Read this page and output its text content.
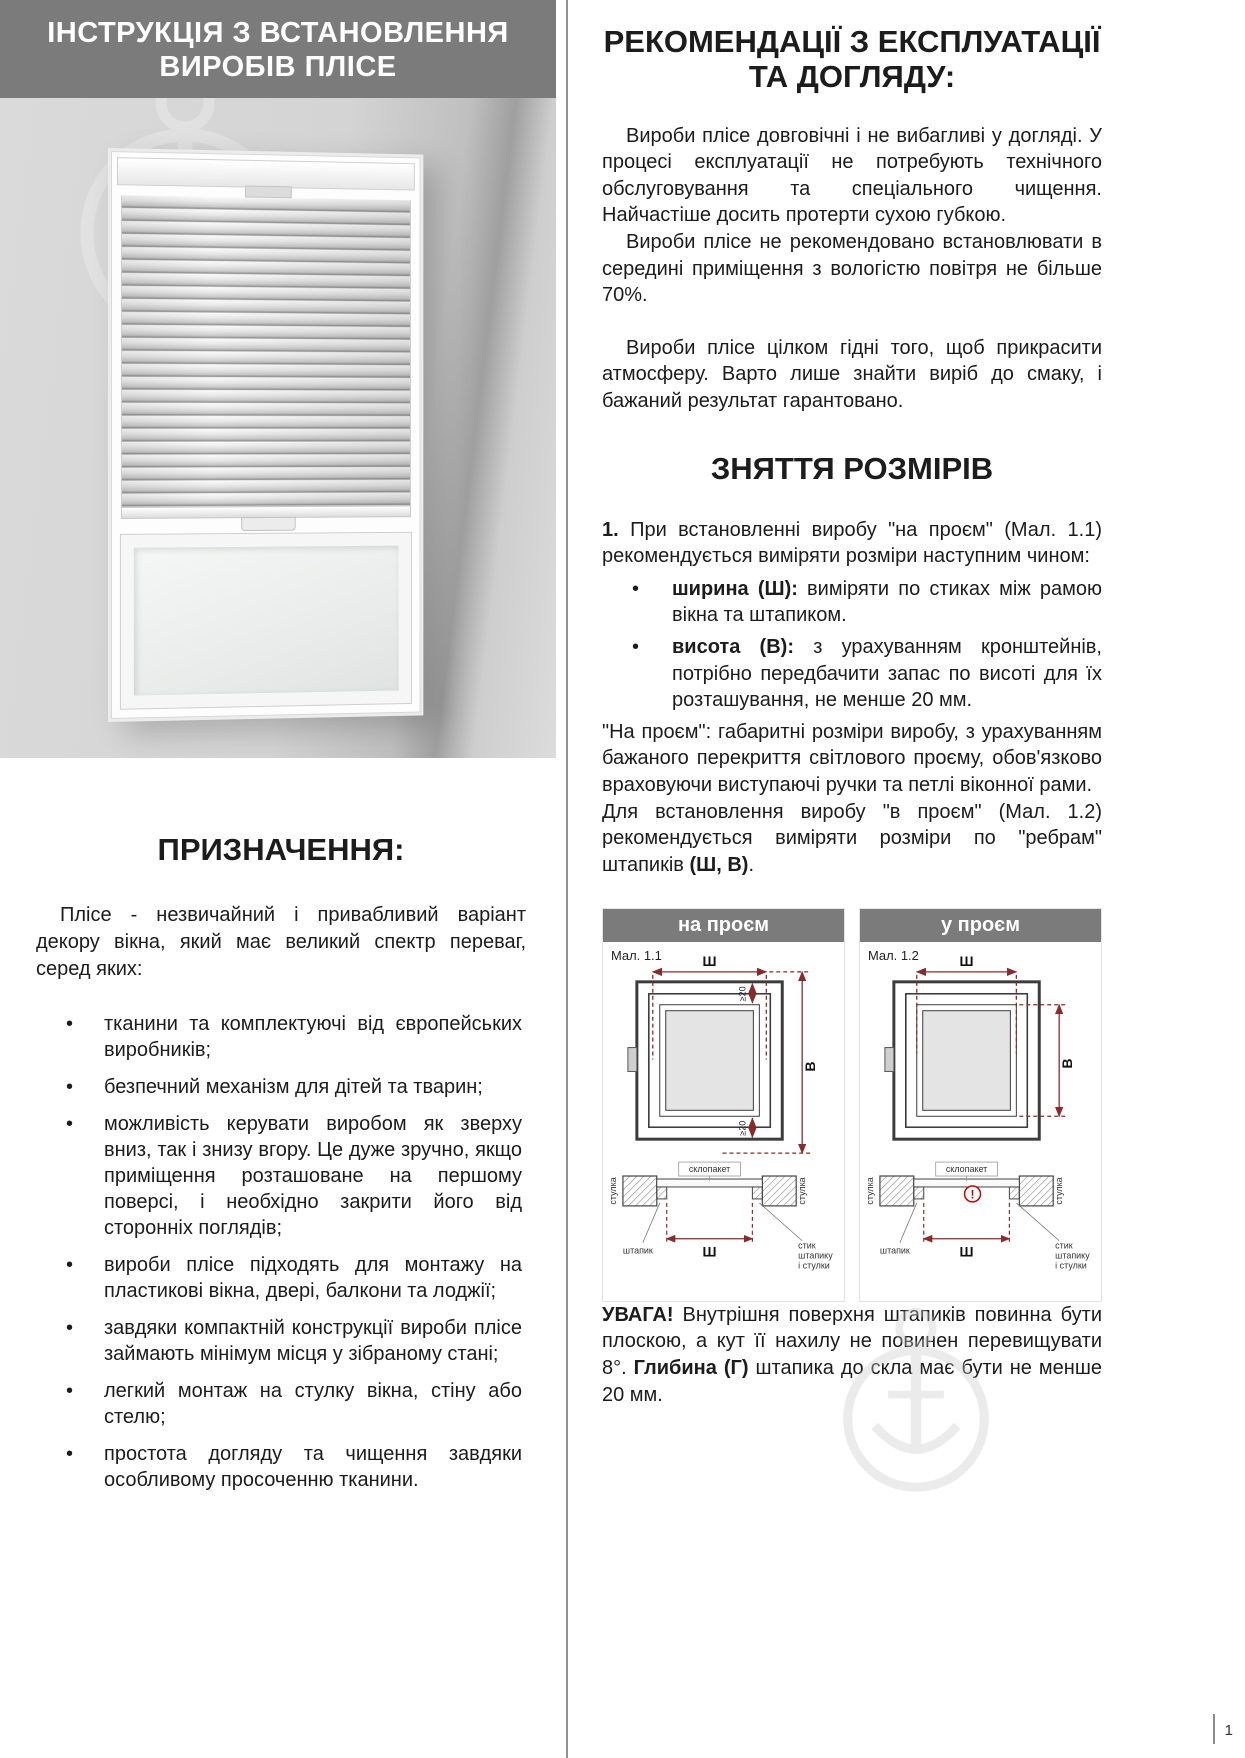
ІНСТРУКЦІЯ З ВСТАНОВЛЕННЯ
ВИРОБІВ ПЛІСЕ
ПРИЗНАЧЕННЯ:

Плісе - незвичайний і привабливий варіант декору вікна, який має великий спектр переваг, серед яких:

• тканини та комплектуючі від європейських виробників;
• безпечний механізм для дітей та тварин;
• можливість керувати виробом як зверху вниз, так і знизу вгору. Це дуже зручно, якщо приміщення розташоване на першому поверсі, і необхідно закрити його від сторонніх поглядів;
• вироби плісе підходять для монтажу на пластикові вікна, двері, балкони та лоджії;
• завдяки компактній конструкції вироби плісе займають мінімум місця у зібраному стані;
• легкий монтаж на стулку вікна, стіну або стелю;
• простота догляду та чищення завдяки особливому просоченню тканини.
РЕКОМЕНДАЦІЇ З ЕКСПЛУАТАЦІЇ
ТА ДОГЛЯДУ:

Вироби плісе довговічні і не вибагливі у догляді. У процесі експлуатації не потребують технічного обслуговування та спеціального чищення. Найчастіше досить протерти сухою губкою.

Вироби плісе не рекомендовано встановлювати в середині приміщення з вологістю повітря не більше 70%.

Вироби плісе цілком гідні того, щоб прикрасити атмосферу. Варто лише знайти виріб до смаку, і бажаний результат гарантовано.

ЗНЯТТЯ РОЗМІРІВ

1. При встановленні виробу "на проєм" (Мал. 1.1) рекомендується виміряти розміри наступним чином:

• ширина (Ш): виміряти по стиках між рамою вікна та штапиком.
• висота (В): з урахуванням кронштейнів, потрібно передбачити запас по висоті для їх розташування, не менше 20 мм.

"На проєм": габаритні розміри виробу, з урахуванням бажаного перекриття світлового проєму, обов'язково враховуючи виступаючі ручки та петлі віконної рами.

Для встановлення виробу "в проєм" (Мал. 1.2) рекомендується виміряти розміри по "ребрам" штапиків (Ш, В).

на проєм
Мал. 1.1	Ш
В
≥20
≥20
склопакет
стулка	стулка
Ш
штапик	стик
штапику
і стулки
у проєм
Мал. 1.2	Ш
В
!
склопакет
стулка	стулка
Ш
штапик	стик
штапику
і стулки

УВАГА! Внутрішня поверхня штапиків повинна бути плоскою, а кут її нахилу не повинен перевищувати 8°. Глибина (Г) штапика до скла має бути не менше 20 мм.

1
